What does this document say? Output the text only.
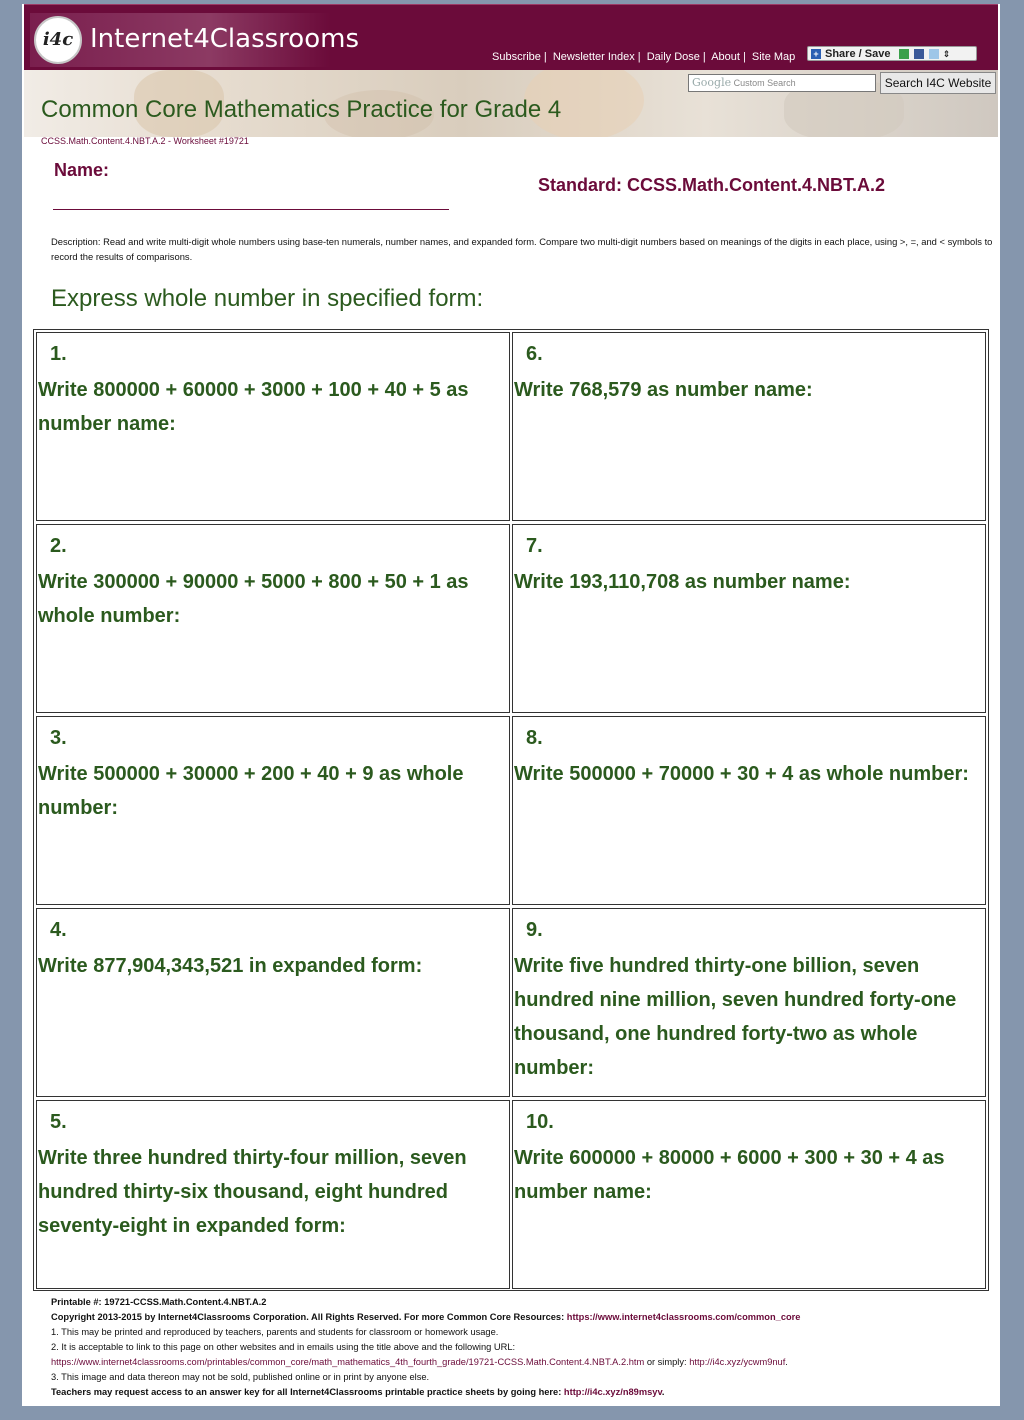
i4c Internet4Classrooms
Subscribe | Newsletter Index | Daily Dose | About | Site Map	+ Share / Save	⇕
Google Custom Search	Search I4C Website
Common Core Mathematics Practice for Grade 4
CCSS.Math.Content.4.NBT.A.2 - Worksheet #19721
Name:
Standard: CCSS.Math.Content.4.NBT.A.2
Description: Read and write multi-digit whole numbers using base-ten numerals, number names, and expanded form. Compare two multi-digit numbers based on meanings of the digits in each place, using >, =, and < symbols to record the results of comparisons.
Express whole number in specified form:
1.
Write 800000 + 60000 + 3000 + 100 + 40 + 5 as number name:
6.
Write 768,579 as number name:
2.
Write 300000 + 90000 + 5000 + 800 + 50 + 1 as whole number:
7.
Write 193,110,708 as number name:
3.
Write 500000 + 30000 + 200 + 40 + 9 as whole number:
8.
Write 500000 + 70000 + 30 + 4 as whole number:
4.
Write 877,904,343,521 in expanded form:
9.
Write five hundred thirty-one billion, seven hundred nine million, seven hundred forty-one thousand, one hundred forty-two as whole number:
5.
Write three hundred thirty-four million, seven hundred thirty-six thousand, eight hundred seventy-eight in expanded form:
10.
Write 600000 + 80000 + 6000 + 300 + 30 + 4 as number name:
Printable #: 19721-CCSS.Math.Content.4.NBT.A.2
Copyright 2013-2015 by Internet4Classrooms Corporation. All Rights Reserved. For more Common Core Resources: https://www.internet4classrooms.com/common_core
1. This may be printed and reproduced by teachers, parents and students for classroom or homework usage.
2. It is acceptable to link to this page on other websites and in emails using the title above and the following URL:
https://www.internet4classrooms.com/printables/common_core/math_mathematics_4th_fourth_grade/19721-CCSS.Math.Content.4.NBT.A.2.htm or simply: http://i4c.xyz/ycwm9nuf.
3. This image and data thereon may not be sold, published online or in print by anyone else.
Teachers may request access to an answer key for all Internet4Classrooms printable practice sheets by going here: http://i4c.xyz/n89msyv.
